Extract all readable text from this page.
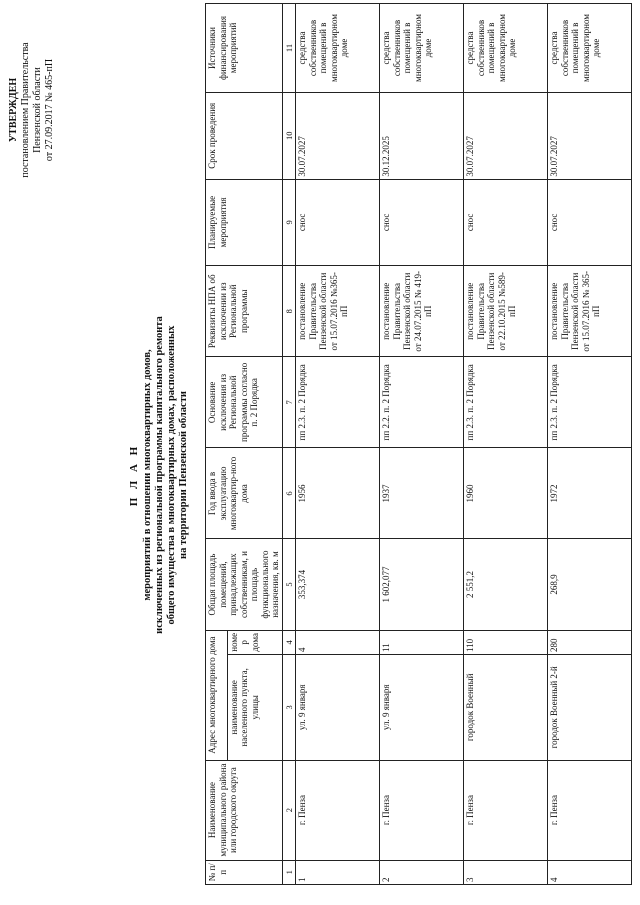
УТВЕРЖДЕН постановлением Правительства Пензенской области от 27.09.2017 № 465-пП
П Л А Н мероприятий в отношении многоквартирных домов, исключенных из региональной программы капитального ремонта общего имущества в многоквартирных домах, расположенных на территории Пензенской области
№ п/п	Наименование муниципального района или городского округа	Адрес многоквартирного дома		Общая площадь помещений, принадлежащих собственникам, и площадь функционального назначения, кв. м	Год ввода в эксплуатацию многоквартир-ного дома	Основание исключения из Региональной программы согласно п. 2 Порядка	Реквизиты НПА об исключении из Региональной программы	Планируемые мероприятия	Срок проведения	Источники финансирования мероприятий
		наименование населенного пункта, улицы	номер дома							
1	2	3	4	5	6	7	8	9	10	11
1	г. Пенза	ул. 9 января	4	353,374	1956	пп 2.3. п. 2 Порядка	постановление Правительства Пензенской области от 15.07.2016 №365-пП	снос	30.07.2027	средства собственников помещений в многоквартирном доме
2	г. Пенза	ул. 9 января	11	1 602,077	1937	пп 2.2. п. 2 Порядка	постановление Правительства Пензенской области от 24.07.2015 № 419-пП	снос	30.12.2025	средства собственников помещений в многоквартирном доме
3	г. Пенза	городок Военный	110	2 551,2	1960	пп 2.3. п. 2 Порядка	постановление Правительства Пензенской области от 22.10.2015 №589-пП	снос	30.07.2027	средства собственников помещений в многоквартирном доме
4	г. Пенза	городок Военный 2-й	280	268,9	1972	пп 2.3. п. 2 Порядка	постановление Правительства Пензенской области от 15.07.2016 № 365-пП	снос	30.07.2027	средства собственников помещений в многоквартирном доме
